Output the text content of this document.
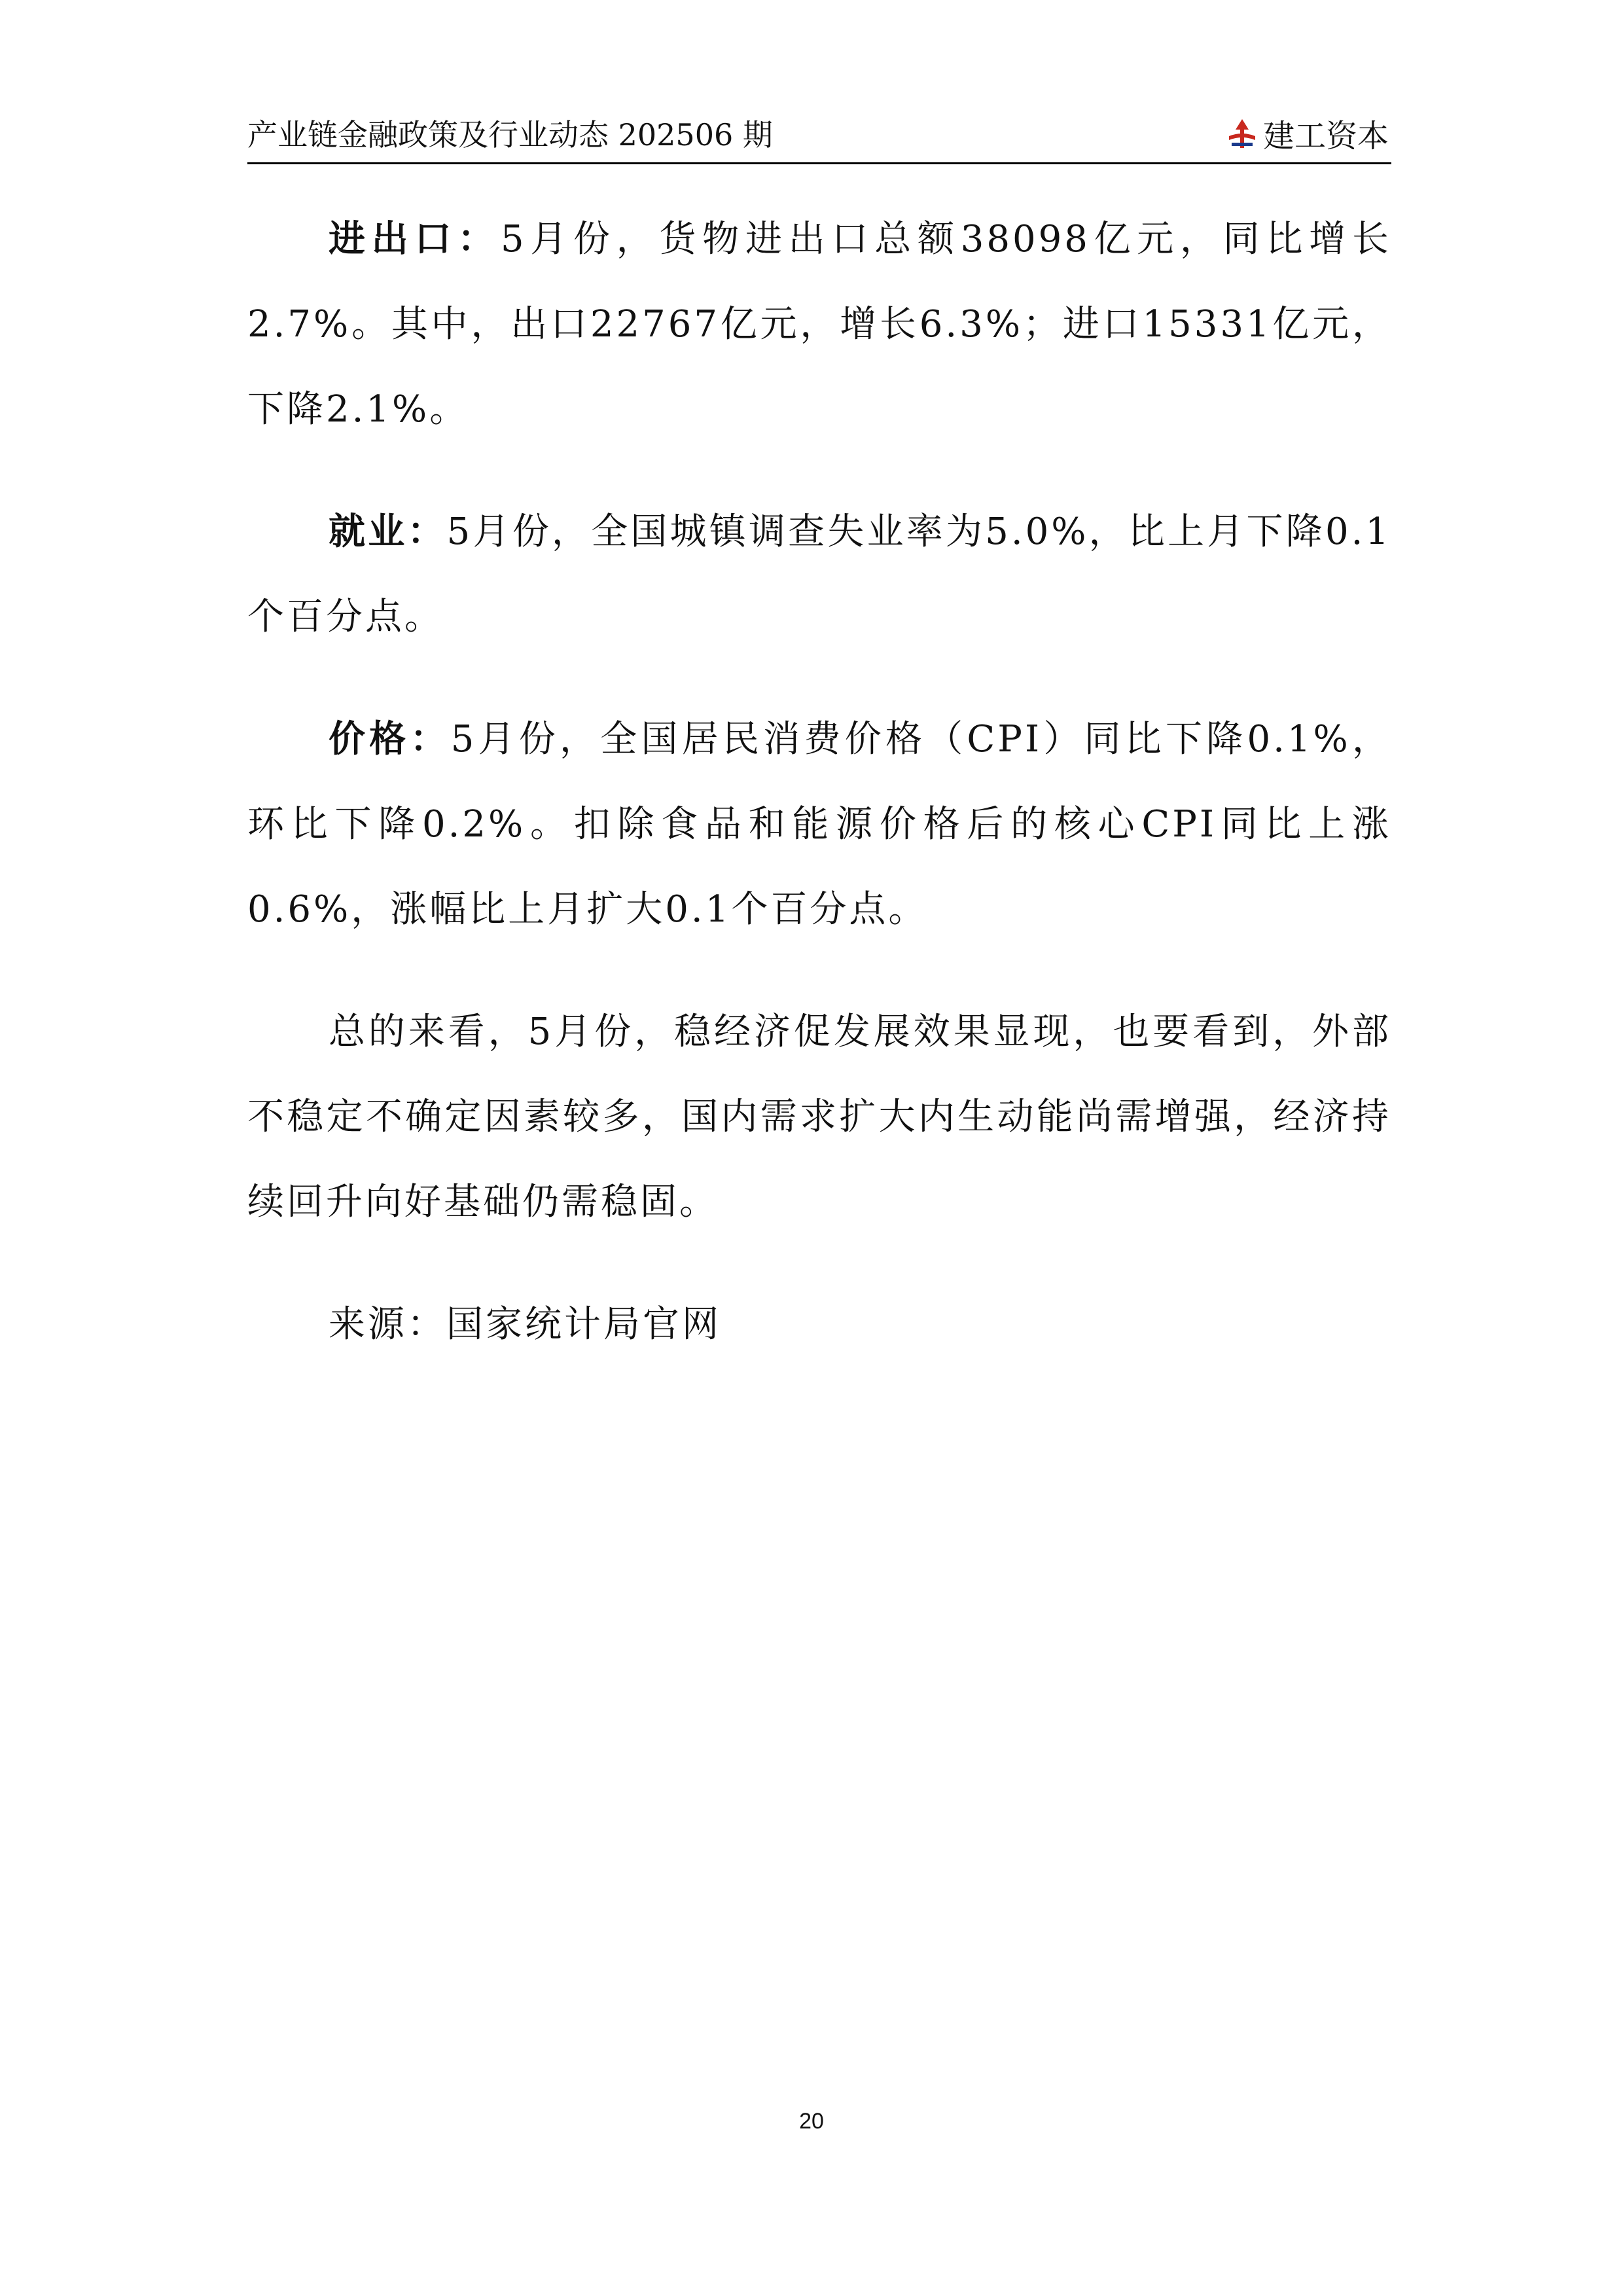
产业链金融政策及行业动态 202506 期	建工资本

进出口：5月份，货物进出口总额38098亿元，同比增长2.7%。其中，出口22767亿元，增长6.3%；进口15331亿元，下降2.1%。

就业：5月份，全国城镇调查失业率为5.0%，比上月下降0.1个百分点。

价格：5月份，全国居民消费价格（CPI）同比下降0.1%，环比下降0.2%。扣除食品和能源价格后的核心CPI同比上涨0.6%，涨幅比上月扩大0.1个百分点。

总的来看，5月份，稳经济促发展效果显现，也要看到，外部不稳定不确定因素较多，国内需求扩大内生动能尚需增强，经济持续回升向好基础仍需稳固。

来源：国家统计局官网

20
